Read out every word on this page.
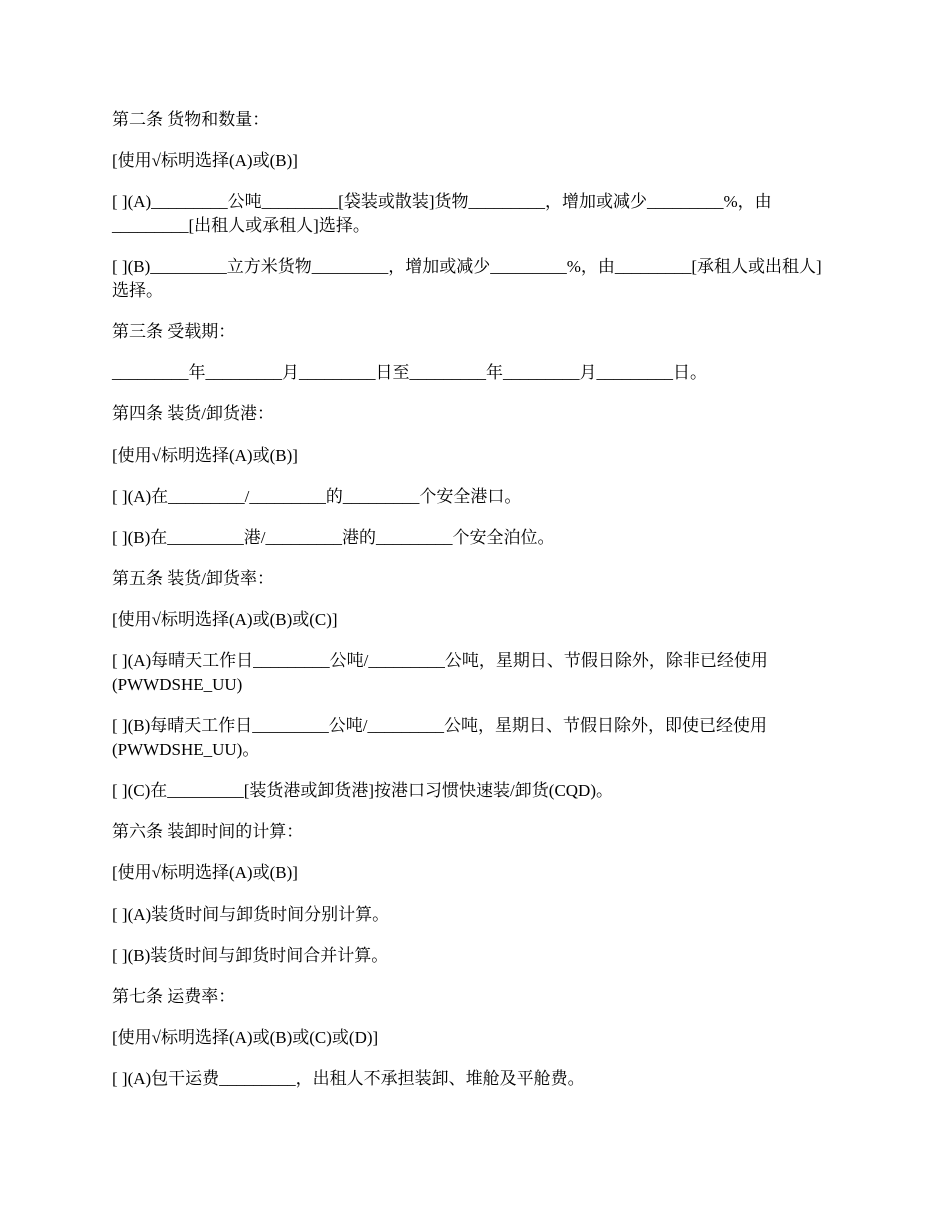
第二条 货物和数量：

[使用√标明选择(A)或(B)]

[ ](A)_________公吨_________[袋装或散装]货物_________，增加或减少_________%，由_________[出租人或承租人]选择。

[ ](B)_________立方米货物_________，增加或减少_________%，由_________[承租人或出租人]选择。

第三条 受载期：

_________年_________月_________日至_________年_________月_________日。

第四条 装货/卸货港：

[使用√标明选择(A)或(B)]

[ ](A)在_________/_________的_________个安全港口。

[ ](B)在_________港/_________港的_________个安全泊位。

第五条 装货/卸货率：

[使用√标明选择(A)或(B)或(C)]

[ ](A)每晴天工作日_________公吨/_________公吨，星期日、节假日除外，除非已经使用(PWWDSHE_UU)

[ ](B)每晴天工作日_________公吨/_________公吨，星期日、节假日除外，即使已经使用(PWWDSHE_UU)。

[ ](C)在_________[装货港或卸货港]按港口习惯快速装/卸货(CQD)。

第六条 装卸时间的计算：

[使用√标明选择(A)或(B)]

[ ](A)装货时间与卸货时间分别计算。

[ ](B)装货时间与卸货时间合并计算。

第七条 运费率：

[使用√标明选择(A)或(B)或(C)或(D)]

[ ](A)包干运费_________，出租人不承担装卸、堆舱及平舱费。
